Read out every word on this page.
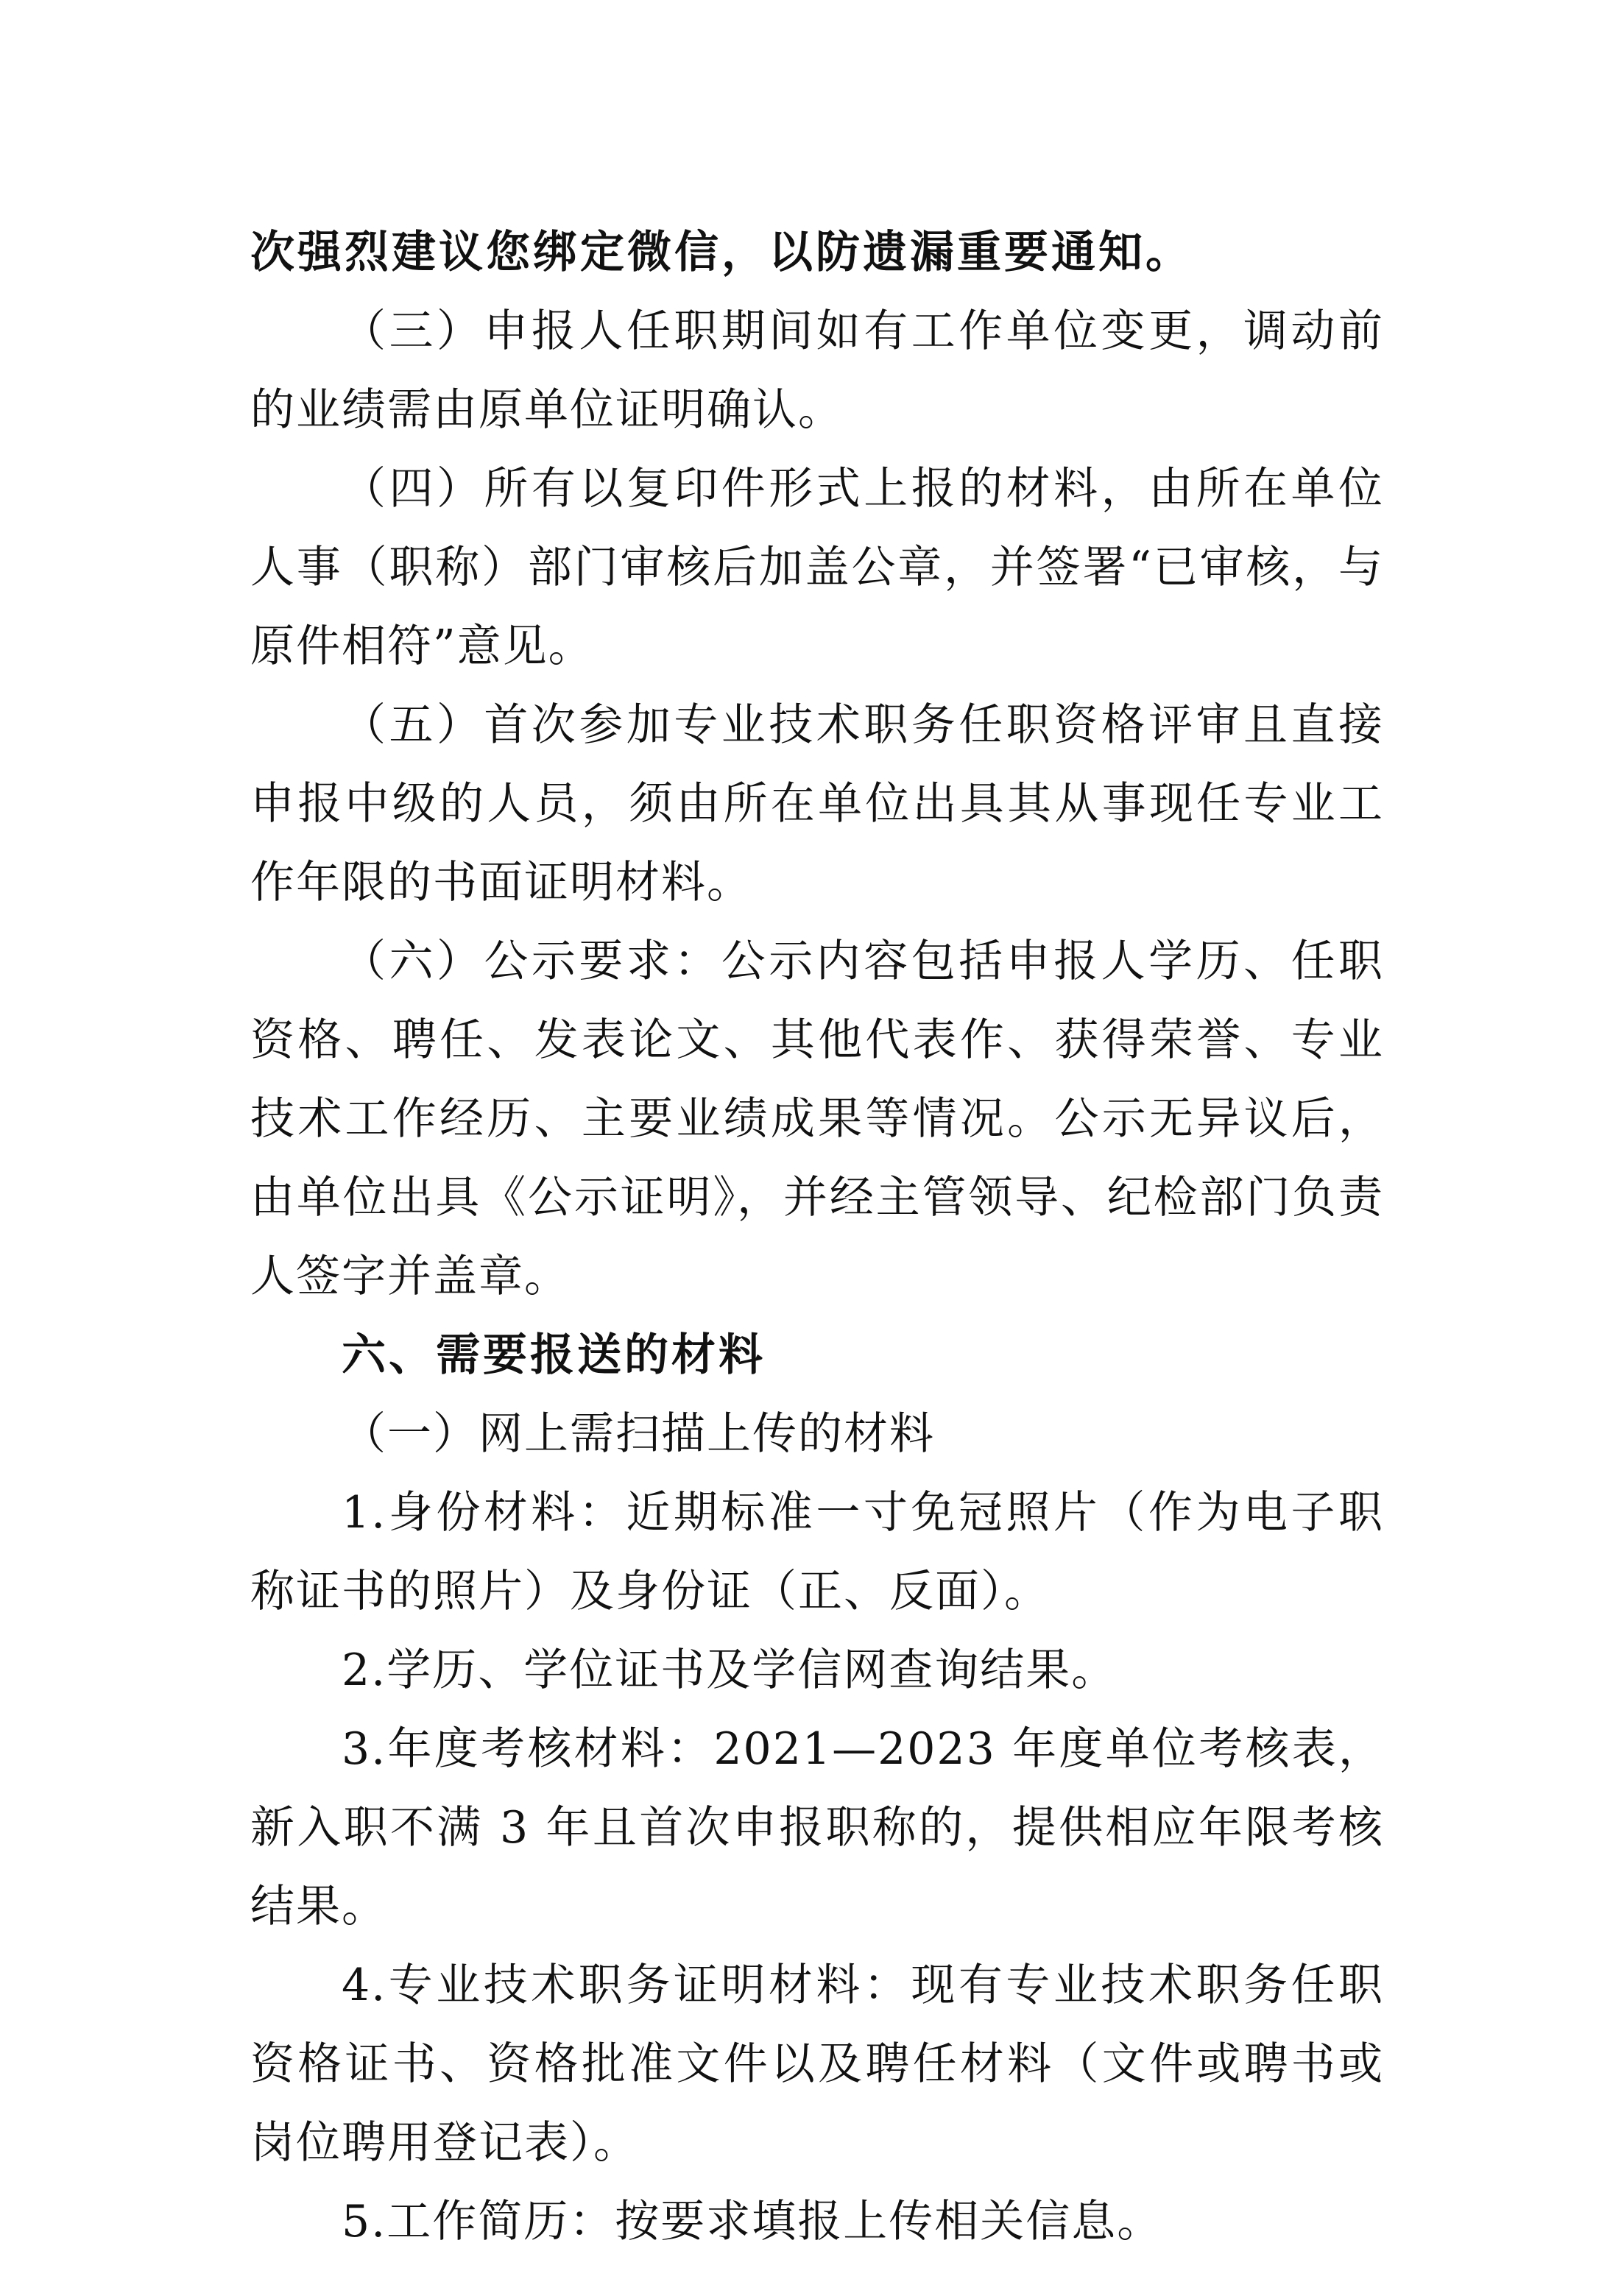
次强烈建议您绑定微信，以防遗漏重要通知。

（三）申报人任职期间如有工作单位变更，调动前的业绩需由原单位证明确认。

（四）所有以复印件形式上报的材料，由所在单位人事（职称）部门审核后加盖公章，并签署“已审核，与原件相符”意见。

（五）首次参加专业技术职务任职资格评审且直接申报中级的人员，须由所在单位出具其从事现任专业工作年限的书面证明材料。

（六）公示要求：公示内容包括申报人学历、任职资格、聘任、发表论文、其他代表作、获得荣誉、专业技术工作经历、主要业绩成果等情况。公示无异议后，由单位出具《公示证明》，并经主管领导、纪检部门负责人签字并盖章。

六、需要报送的材料

（一）网上需扫描上传的材料

1.身份材料：近期标准一寸免冠照片（作为电子职称证书的照片）及身份证（正、反面）。

2.学历、学位证书及学信网查询结果。

3.年度考核材料：2021—2023 年度单位考核表，新入职不满 3 年且首次申报职称的，提供相应年限考核结果。

4.专业技术职务证明材料：现有专业技术职务任职资格证书、资格批准文件以及聘任材料（文件或聘书或岗位聘用登记表）。

5.工作简历：按要求填报上传相关信息。
